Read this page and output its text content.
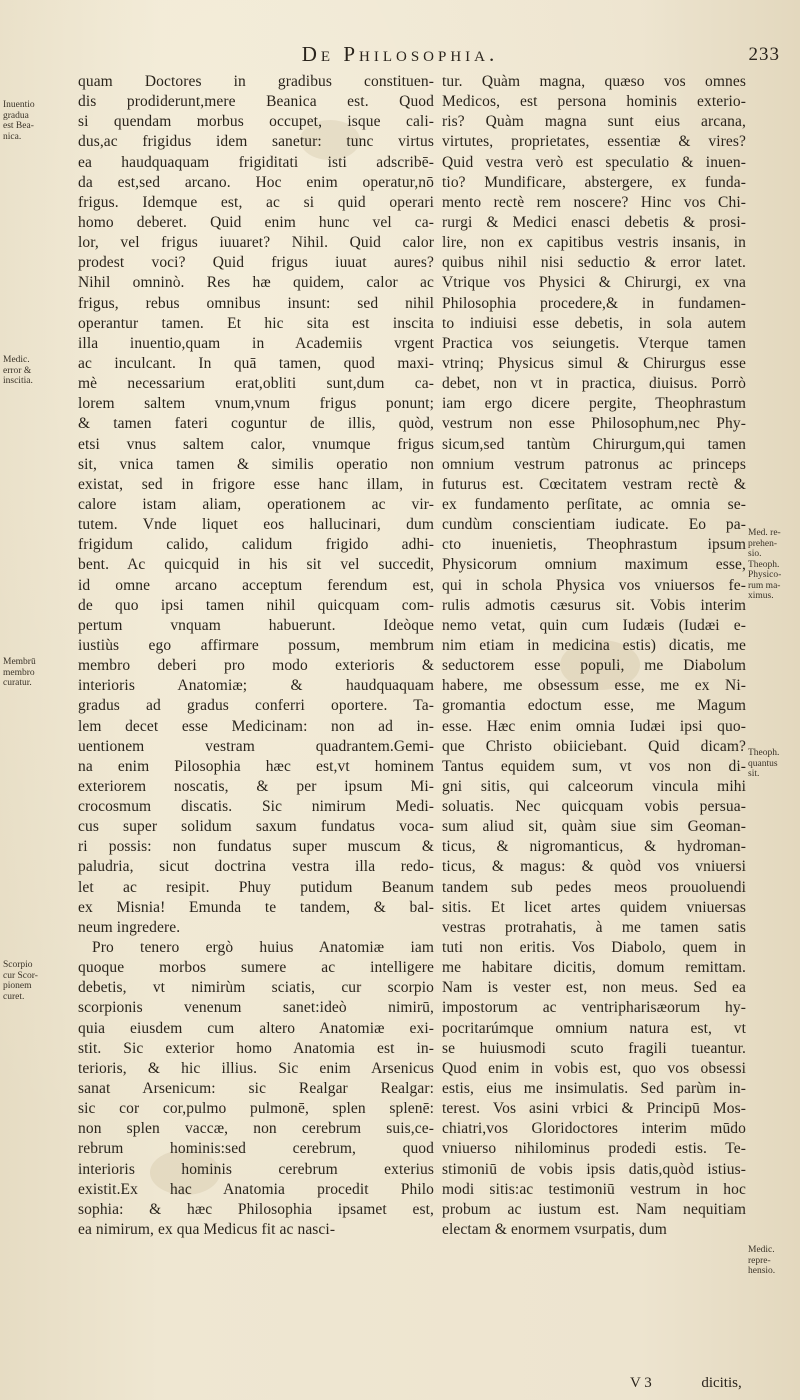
De Philosophia.	233
quam Doctores in gradibus constituen-
dis prodiderunt,mere Beanica est. Quod
si quendam morbus occupet, isque cali-
dus,ac frigidus idem sanetur: tunc virtus
ea haudquaquam frigiditati isti adscribē-
da est,sed arcano. Hoc enim operatur,nō
frigus. Idemque est, ac si quid operari
homo deberet. Quid enim hunc vel ca-
lor, vel frigus iuuaret? Nihil. Quid calor
prodest voci? Quid frigus iuuat aures?
Nihil omninò. Res hæ quidem, calor ac
frigus, rebus omnibus insunt: sed nihil
operantur tamen. Et hic sita est inscita
illa inuentio,quam in Academiis vrgent
ac inculcant. In quā tamen, quod maxi-
mè necessarium erat,obliti sunt,dum ca-
lorem saltem vnum,vnum frigus ponunt;
& tamen fateri coguntur de illis, quòd,
etsi vnus saltem calor, vnumque frigus
sit, vnica tamen & similis operatio non
existat, sed in frigore esse hanc illam, in
calore istam aliam, operationem ac vir-
tutem. Vnde liquet eos hallucinari, dum
frigidum calido, calidum frigido adhi-
bent. Ac quicquid in his sit vel succedit,
id omne arcano acceptum ferendum est,
de quo ipsi tamen nihil quicquam com-
pertum vnquam habuerunt. Ideòque
iustiùs ego affirmare possum, membrum
membro deberi pro modo exterioris &
interioris Anatomiæ; & haudquaquam
gradus ad gradus conferri oportere. Ta-
lem decet esse Medicinam: non ad in-
uentionem vestram quadrantem.Gemi-
na enim Pilosophia hæc est,vt hominem
exteriorem noscatis, & per ipsum Mi-
crocosmum discatis. Sic nimirum Medi-
cus super solidum saxum fundatus voca-
ri possis: non fundatus super muscum &
paludria, sicut doctrina vestra illa redo-
let ac resipit. Phuy putidum Beanum
ex Misnia! Emunda te tandem, & bal-
neum ingredere.
Pro tenero ergò huius Anatomiæ iam
quoque morbos sumere ac intelligere
debetis, vt nimirùm sciatis, cur scorpio
scorpionis venenum sanet:ideò nimirū,
quia eiusdem cum altero Anatomiæ exi-
stit. Sic exterior homo Anatomia est in-
terioris, & hic illius. Sic enim Arsenicus
sanat Arsenicum: sic Realgar Realgar:
sic cor cor,pulmo pulmonē, splen splenē:
non splen vaccæ, non cerebrum suis,ce-
rebrum hominis:sed cerebrum, quod
interioris hominis cerebrum exterius
existit.Ex hac Anatomia procedit Philo
sophia: & hæc Philosophia ipsamet est,
ea nimirum, ex qua Medicus fit ac nasci-
tur. Quàm magna, quæso vos omnes
Medicos, est persona hominis exterio-
ris? Quàm magna sunt eius arcana,
virtutes, proprietates, essentiæ & vires?
Quid vestra verò est speculatio & inuen-
tio? Mundificare, abstergere, ex funda-
mento rectè rem noscere? Hinc vos Chi-
rurgi & Medici enasci debetis & prosi-
lire, non ex capitibus vestris insanis, in
quibus nihil nisi seductio & error latet.
Vtrique vos Physici & Chirurgi, ex vna
Philosophia procedere,& in fundamen-
to indiuisi esse debetis, in sola autem
Practica vos seiungetis. Vterque tamen
vtrinq; Physicus simul & Chirurgus esse
debet, non vt in practica, diuisus. Porrò
iam ergo dicere pergite, Theophrastum
vestrum non esse Philosophum,nec Phy-
sicum,sed tantùm Chirurgum,qui tamen
omnium vestrum patronus ac princeps
futurus est. Cœcitatem vestram rectè &
ex fundamento perſitate, ac omnia se-
cundùm conscientiam iudicate. Eo pa-
cto inuenietis, Theophrastum ipsum
Physicorum omnium maximum esse,
qui in schola Physica vos vniuersos fe-
rulis admotis cæsurus sit. Vobis interim
nemo vetat, quin cum Iudæis (Iudæi e-
nim etiam in medicina estis) dicatis, me
seductorem esse populi, me Diabolum
habere, me obsessum esse, me ex Ni-
gromantia edoctum esse, me Magum
esse. Hæc enim omnia Iudæi ipsi quo-
que Christo obiiciebant. Quid dicam?
Tantus equidem sum, vt vos non di-
gni sitis, qui calceorum vincula mihi
soluatis. Nec quicquam vobis persua-
sum aliud sit, quàm siue sim Geoman-
ticus, & nigromanticus, & hydroman-
ticus, & magus: & quòd vos vniuersi
tandem sub pedes meos prouoluendi
sitis. Et licet artes quidem vniuersas
vestras protrahatis, à me tamen satis
tuti non eritis. Vos Diabolo, quem in
me habitare dicitis, domum remittam.
Nam is vester est, non meus. Sed ea
impostorum ac ventripharisæorum hy-
pocritarúmque omnium natura est, vt
se huiusmodi scuto fragili tueantur.
Quod enim in vobis est, quo vos obsessi
estis, eius me insimulatis. Sed parùm in-
terest. Vos asini vrbici & Principū Mos-
chiatri,vos Gloridoctores interim mūdo
vniuerso nihilominus prodedi estis. Te-
stimoniū de vobis ipsis datis,quòd istius-
modi sitis:ac testimoniū vestrum in hoc
probum ac iustum est. Nam nequitiam
electam & enormem vsurpatis, dum
Inuentio
gradua
est Bea-
nica.
Medic.
error &
inscitia.
Membrū
membro
curatur.
Scorpio
cur Scor-
pionem
curet.
Med. re-
prehen-
sio.
Theoph.
Physico-
rum ma-
ximus.
Theoph.
quantus
sit.
Medic.
repre-
hensio.
V 3	dicitis,
